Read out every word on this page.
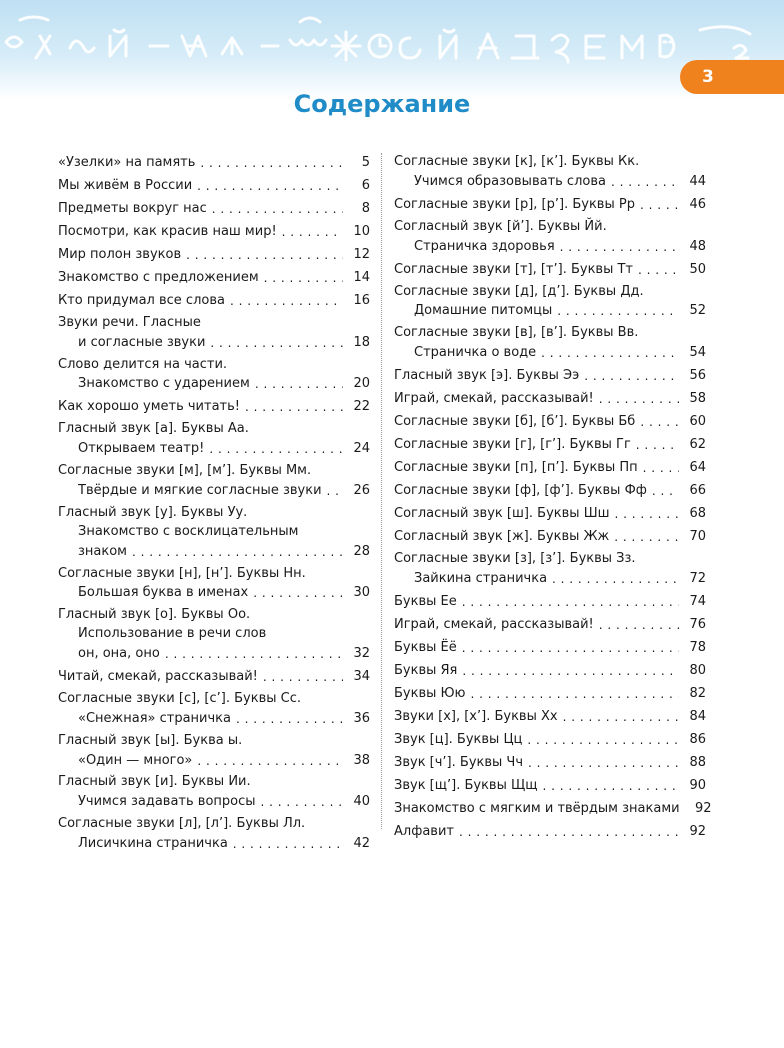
3
Содержание
«Узелки» на память . . .	5
Мы живём в России . . .	6
Предметы вокруг нас . . .	8
Посмотри, как красив наш мир! . . .	10
Мир полон звуков . . .	12
Знакомство с предложением . . .	14
Кто придумал все слова . . .	16
Звуки речи. Гласные
и согласные звуки . . .	18
Слово делится на части.
Знакомство с ударением . . .	20
Как хорошо уметь читать! . . .	22
Гласный звук [а]. Буквы Аа.
Открываем театр! . . .	24
Согласные звуки [м], [м’]. Буквы Мм.
Твёрдые и мягкие согласные звуки . . .	26
Гласный звук [у]. Буквы Уу.
Знакомство с восклицательным
знаком . . .	28
Согласные звуки [н], [н’]. Буквы Нн.
Большая буква в именах . . .	30
Гласный звук [о]. Буквы Оо.
Использование в речи слов
он, она, оно . . .	32
Читай, смекай, рассказывай! . . .	34
Согласные звуки [с], [с’]. Буквы Сс.
«Снежная» страничка . . .	36
Гласный звук [ы]. Буква ы.
«Один — много» . . .	38
Гласный звук [и]. Буквы Ии.
Учимся задавать вопросы . . .	40
Согласные звуки [л], [л’]. Буквы Лл.
Лисичкина страничка . . .	42
Согласные звуки [к], [к’]. Буквы Кк.
Учимся образовывать слова . . .	44
Согласные звуки [р], [р’]. Буквы Рр . . .	46
Согласный звук [й’]. Буквы Йй.
Страничка здоровья . . .	48
Согласные звуки [т], [т’]. Буквы Тт . . .	50
Согласные звуки [д], [д’]. Буквы Дд.
Домашние питомцы . . .	52
Согласные звуки [в], [в’]. Буквы Вв.
Страничка о воде . . .	54
Гласный звук [э]. Буквы Ээ . . .	56
Играй, смекай, рассказывай! . . .	58
Согласные звуки [б], [б’]. Буквы Бб . . .	60
Согласные звуки [г], [г’]. Буквы Гг . . .	62
Согласные звуки [п], [п’]. Буквы Пп . . .	64
Согласные звуки [ф], [ф’]. Буквы Фф . . .	66
Согласный звук [ш]. Буквы Шш . . .	68
Согласный звук [ж]. Буквы Жж . . .	70
Согласные звуки [з], [з’]. Буквы Зз.
Зайкина страничка . . .	72
Буквы Ее . . .	74
Играй, смекай, рассказывай! . . .	76
Буквы Ёё . . .	78
Буквы Яя . . .	80
Буквы Юю . . .	82
Звуки [х], [х’]. Буквы Хх . . .	84
Звук [ц]. Буквы Цц . . .	86
Звук [ч’]. Буквы Чч . . .	88
Звук [щ’]. Буквы Щщ . . .	90
Знакомство с мягким и твёрдым знаками	92
Алфавит . . .	92
